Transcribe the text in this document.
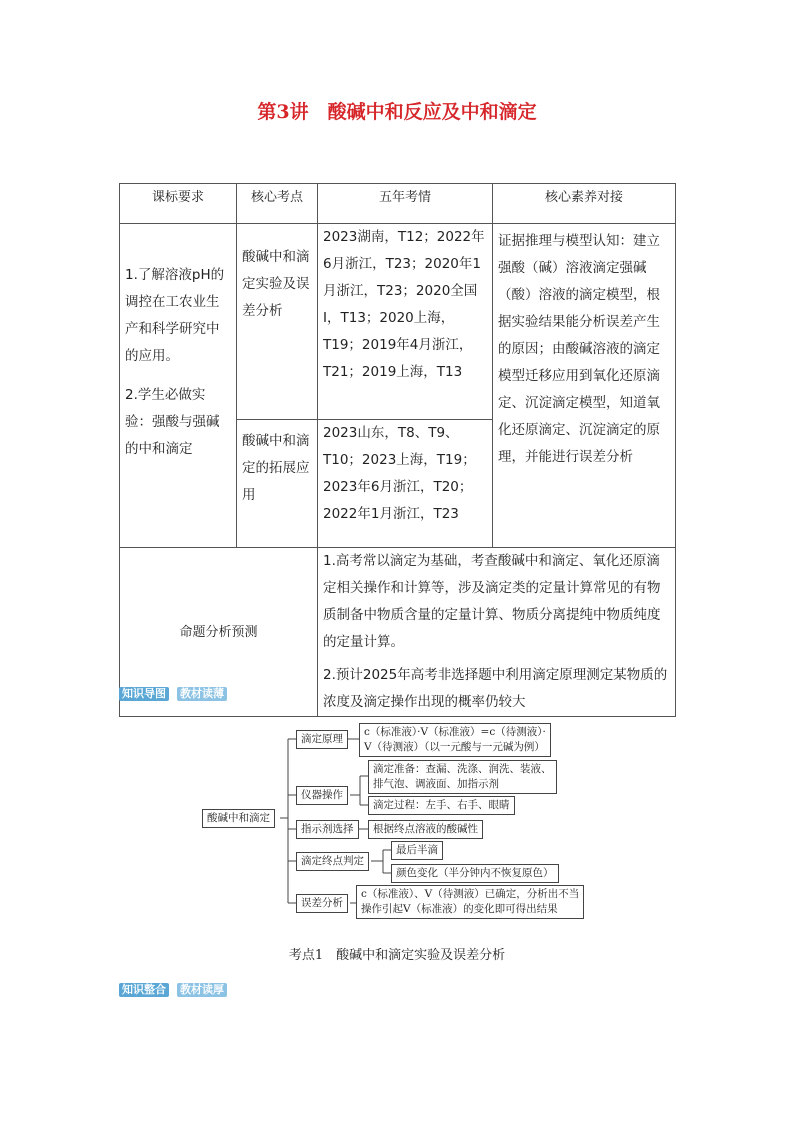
第3讲　酸碱中和反应及中和滴定
课标要求	核心考点	五年考情	核心素养对接

1.了解溶液pH的调控在工农业生产和科学研究中的应用。

2.学生必做实验：强酸与强碱的中和滴定	酸碱中和滴定实验及误差分析	2023湖南，T12；2022年6月浙江，T23；2020年1月浙江，T23；2020全国Ⅰ，T13；2020上海，T19；2019年4月浙江，T21；2019上海，T13	证据推理与模型认知：建立强酸（碱）溶液滴定强碱（酸）溶液的滴定模型，根据实验结果能分析误差产生的原因；由酸碱溶液的滴定模型迁移应用到氧化还原滴定、沉淀滴定模型，知道氧化还原滴定、沉淀滴定的原理，并能进行误差分析
	酸碱中和滴定的拓展应用	2023山东，T8、T9、T10；2023上海，T19；2023年6月浙江，T20；2022年1月浙江，T23	
命题分析预测		1.高考常以滴定为基础，考查酸碱中和滴定、氧化还原滴定相关操作和计算等，涉及滴定类的定量计算常见的有物质制备中物质含量的定量计算、物质分离提纯中物质纯度的定量计算。

2.预计2025年高考非选择题中利用滴定原理测定某物质的浓度及滴定操作出现的概率仍较大	

知识导图 教材读薄
酸碱中和滴定
滴定原理
c（标准液）·V（标准液）=c（待测液）·
V（待测液）（以一元酸与一元碱为例）
仪器操作
滴定准备：查漏、洗涤、润洗、装液、
排气泡、调液面、加指示剂
滴定过程：左手、右手、眼睛
指示剂选择	根据终点溶液的酸碱性
滴定终点判定
最后半滴
颜色变化（半分钟内不恢复原色）
误差分析
c（标准液）、V（待测液）已确定，分析出不当
操作引起V（标准液）的变化即可得出结果
考点1　酸碱中和滴定实验及误差分析
知识整合 教材读厚
